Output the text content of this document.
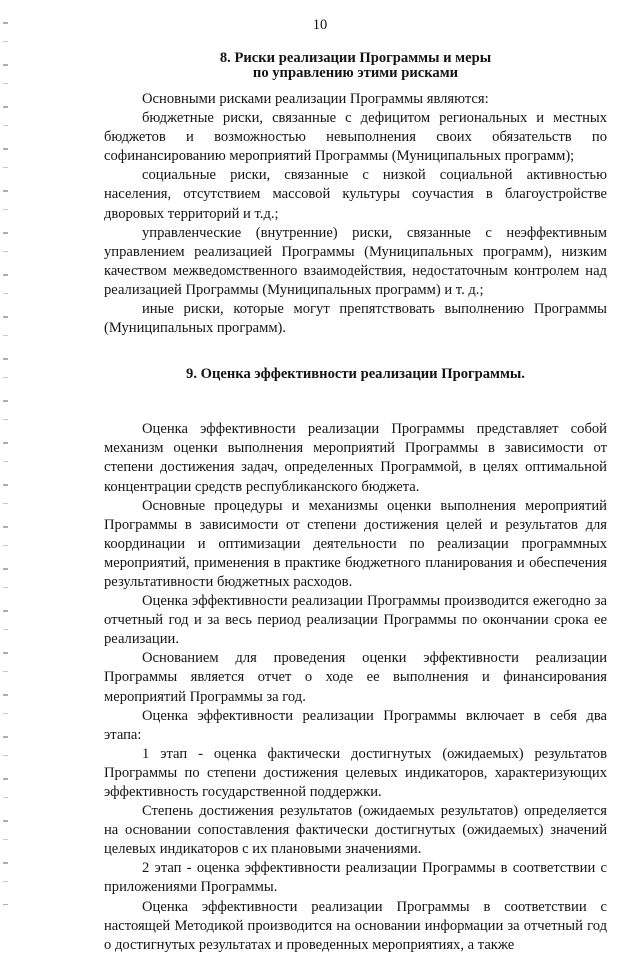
10
8. Риски реализации Программы и меры
по управлению этими рисками

Основными рисками реализации Программы являются:

бюджетные риски, связанные с дефицитом региональных и местных бюджетов и возможностью невыполнения своих обязательств по софинансированию мероприятий Программы (Муниципальных программ);

социальные риски, связанные с низкой социальной активностью населения, отсутствием массовой культуры соучастия в благоустройстве дворовых территорий и т.д.;

управленческие (внутренние) риски, связанные с неэффективным управлением реализацией Программы (Муниципальных программ), низким качеством межведомственного взаимодействия, недостаточным контролем над реализацией Программы (Муниципальных программ) и т. д.;

иные риски, которые могут препятствовать выполнению Программы (Муниципальных программ).

9. Оценка эффективности реализации Программы.

Оценка эффективности реализации Программы представляет собой механизм оценки выполнения мероприятий Программы в зависимости от степени достижения задач, определенных Программой, в целях оптимальной концентрации средств республиканского бюджета.

Основные процедуры и механизмы оценки выполнения мероприятий Программы в зависимости от степени достижения целей и результатов для координации и оптимизации деятельности по реализации программных мероприятий, применения в практике бюджетного планирования и обеспечения результативности бюджетных расходов.

Оценка эффективности реализации Программы производится ежегодно за отчетный год и за весь период реализации Программы по окончании срока ее реализации.

Основанием для проведения оценки эффективности реализации Программы является отчет о ходе ее выполнения и финансирования мероприятий Программы за год.

Оценка эффективности реализации Программы включает в себя два этапа:

1 этап - оценка фактически достигнутых (ожидаемых) результатов Программы по степени достижения целевых индикаторов, характеризующих эффективность государственной поддержки.

Степень достижения результатов (ожидаемых результатов) определяется на основании сопоставления фактически достигнутых (ожидаемых) значений целевых индикаторов с их плановыми значениями.

2 этап - оценка эффективности реализации Программы в соответствии с приложениями Программы.

Оценка эффективности реализации Программы в соответствии с настоящей Методикой производится на основании информации за отчетный год о достигнутых результатах и проведенных мероприятиях, а также
